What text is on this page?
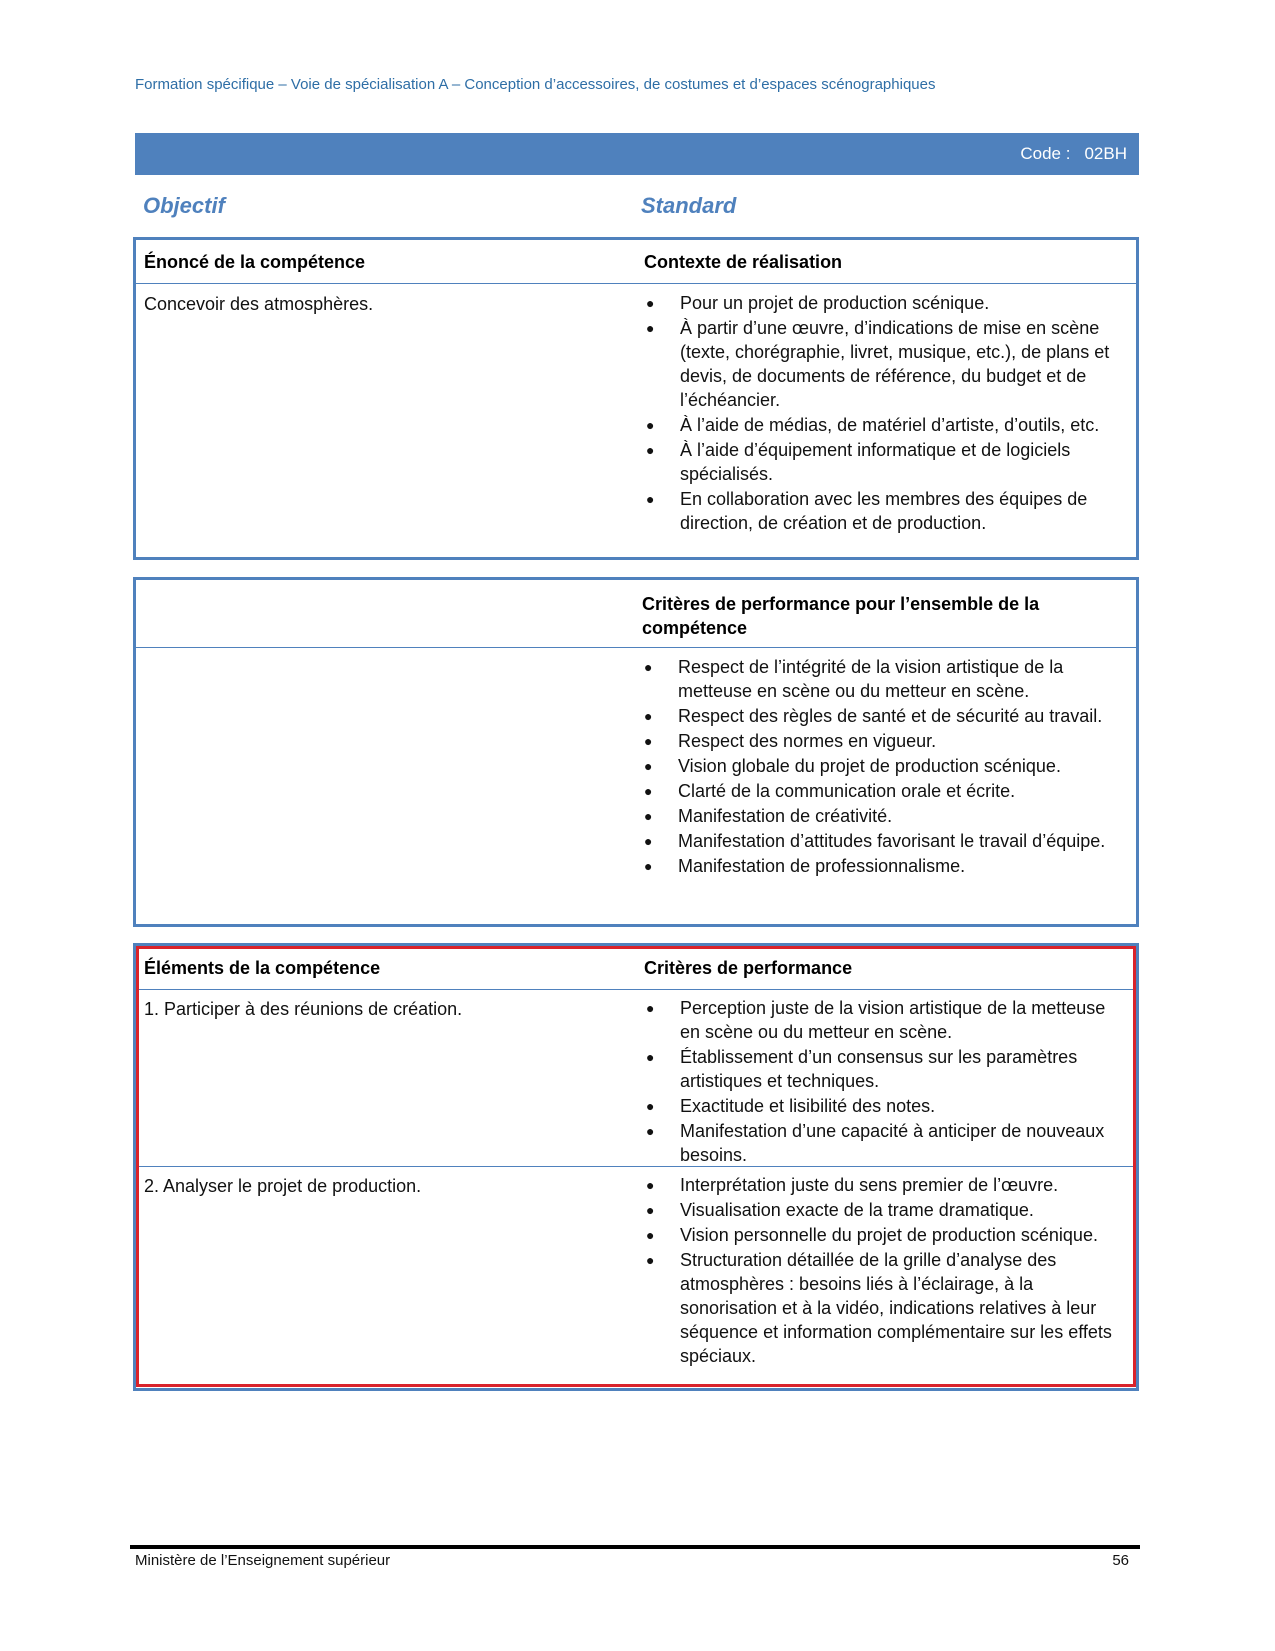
Formation spécifique – Voie de spécialisation A – Conception d’accessoires, de costumes et d’espaces scénographiques
Code : 02BH
Objectif	Standard
Énoncé de la compétence	Contexte de réalisation
Concevoir des atmosphères.	● Pour un projet de production scénique.
● À partir d’une œuvre, d’indications de mise en scène (texte, chorégraphie, livret, musique, etc.), de plans et devis, de documents de référence, du budget et de l’échéancier.
● À l’aide de médias, de matériel d’artiste, d’outils, etc.
● À l’aide d’équipement informatique et de logiciels spécialisés.
● En collaboration avec les membres des équipes de direction, de création et de production.
Critères de performance pour l’ensemble de la compétence
● Respect de l’intégrité de la vision artistique de la metteuse en scène ou du metteur en scène.
● Respect des règles de santé et de sécurité au travail.
● Respect des normes en vigueur.
● Vision globale du projet de production scénique.
● Clarté de la communication orale et écrite.
● Manifestation de créativité.
● Manifestation d’attitudes favorisant le travail d’équipe.
● Manifestation de professionnalisme.
Éléments de la compétence	Critères de performance
1. Participer à des réunions de création.	● Perception juste de la vision artistique de la metteuse en scène ou du metteur en scène.
● Établissement d’un consensus sur les paramètres artistiques et techniques.
● Exactitude et lisibilité des notes.
● Manifestation d’une capacité à anticiper de nouveaux besoins.
2. Analyser le projet de production.	● Interprétation juste du sens premier de l’œuvre.
● Visualisation exacte de la trame dramatique.
● Vision personnelle du projet de production scénique.
● Structuration détaillée de la grille d’analyse des atmosphères : besoins liés à l’éclairage, à la sonorisation et à la vidéo, indications relatives à leur séquence et information complémentaire sur les effets spéciaux.
Ministère de l’Enseignement supérieur	56
